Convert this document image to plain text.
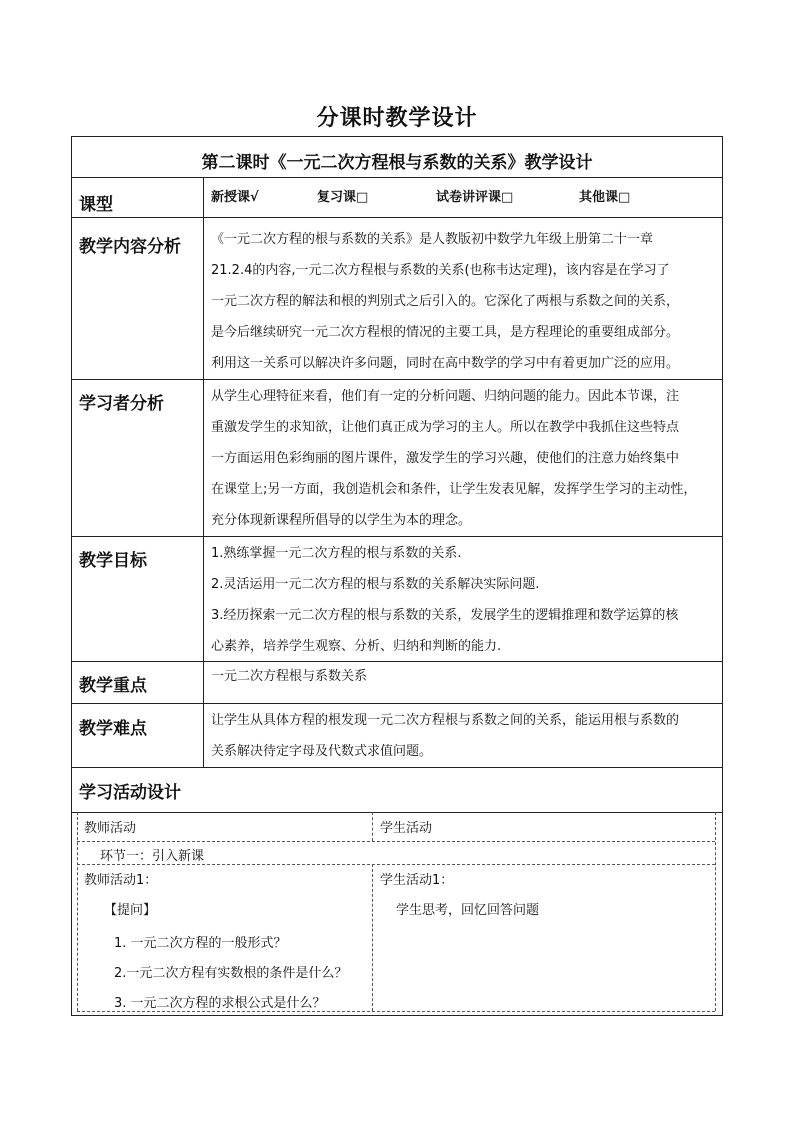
分课时教学设计
第二课时《一元二次方程根与系数的关系》教学设计
课型	新授课√	复习课□	试卷讲评课□	其他课□
教学内容分析 《一元二次方程的根与系数的关系》是人教版初中数学九年级上册第二十一章

21.2.4的内容,一元二次方程根与系数的关系(也称韦达定理)，该内容是在学习了

一元二次方程的解法和根的判别式之后引入的。它深化了两根与系数之间的关系，

是今后继续研究一元二次方程根的情况的主要工具，是方程理论的重要组成部分。

利用这一关系可以解决许多问题，同时在高中数学的学习中有着更加广泛的应用。

学习者分析	从学生心理特征来看，他们有一定的分析问题、归纳问题的能力。因此本节课，注

重激发学生的求知欲，让他们真正成为学习的主人。所以在教学中我抓住这些特点

一方面运用色彩绚丽的图片课件，激发学生的学习兴趣，使他们的注意力始终集中

在课堂上;另一方面，我创造机会和条件，让学生发表见解，发挥学生学习的主动性，

充分体现新课程所倡导的以学生为本的理念。

教学目标	1.熟练掌握一元二次方程的根与系数的关系.

2.灵活运用一元二次方程的根与系数的关系解决实际问题.

3.经历探索一元二次方程的根与系数的关系，发展学生的逻辑推理和数学运算的核

心素养，培养学生观察、分析、归纳和判断的能力.

教学重点	一元二次方程根与系数关系

教学难点	让学生从具体方程的根发现一元二次方程根与系数之间的关系，能运用根与系数的

关系解决待定字母及代数式求值问题。

学习活动设计
教师活动	学生活动
环节一：引入新课
教师活动1：
【提问】
1. 一元二次方程的一般形式？
2.一元二次方程有实数根的条件是什么？
3. 一元二次方程的求根公式是什么？
学生活动1：
学生思考，回忆回答问题
